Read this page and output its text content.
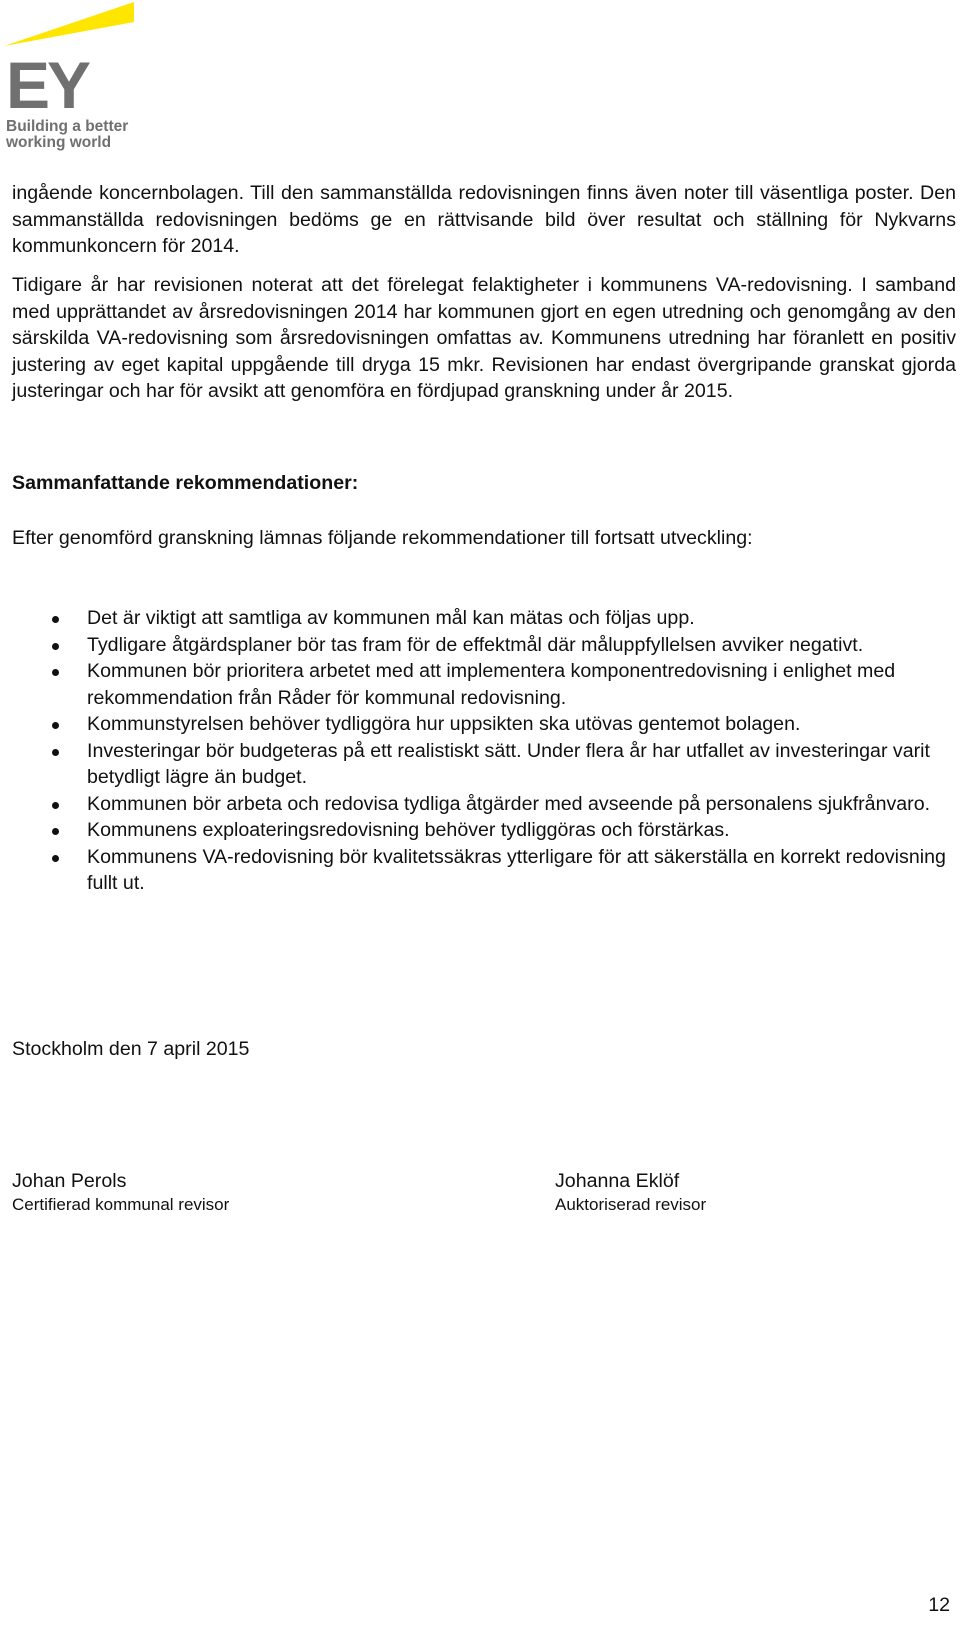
EY
Building a better
working world

ingående koncernbolagen. Till den sammanställda redovisningen finns även noter till väsentliga poster. Den sammanställda redovisningen bedöms ge en rättvisande bild över resultat och ställning för Nykvarns kommunkoncern för 2014.

Tidigare år har revisionen noterat att det förelegat felaktigheter i kommunens VA-redovisning. I samband med upprättandet av årsredovisningen 2014 har kommunen gjort en egen utredning och genomgång av den särskilda VA-redovisning som årsredovisningen omfattas av. Kommunens utredning har föranlett en positiv justering av eget kapital uppgående till dryga 15 mkr. Revisionen har endast övergripande granskat gjorda justeringar och har för avsikt att genomföra en fördjupad granskning under år 2015.

Sammanfattande rekommendationer:

Efter genomförd granskning lämnas följande rekommendationer till fortsatt utveckling:

Det är viktigt att samtliga av kommunen mål kan mätas och följas upp.
Tydligare åtgärdsplaner bör tas fram för de effektmål där måluppfyllelsen avviker negativt.
Kommunen bör prioritera arbetet med att implementera komponentredovisning i enlighet med rekommendation från Råder för kommunal redovisning.
Kommunstyrelsen behöver tydliggöra hur uppsikten ska utövas gentemot bolagen.
Investeringar bör budgeteras på ett realistiskt sätt. Under flera år har utfallet av investeringar varit betydligt lägre än budget.
Kommunen bör arbeta och redovisa tydliga åtgärder med avseende på personalens sjukfrånvaro.
Kommunens exploateringsredovisning behöver tydliggöras och förstärkas.
Kommunens VA-redovisning bör kvalitetssäkras ytterligare för att säkerställa en korrekt redovisning fullt ut.

Stockholm den 7 april 2015

Johan Perols
Certifierad kommunal revisor
Johanna Eklöf
Auktoriserad revisor
12
